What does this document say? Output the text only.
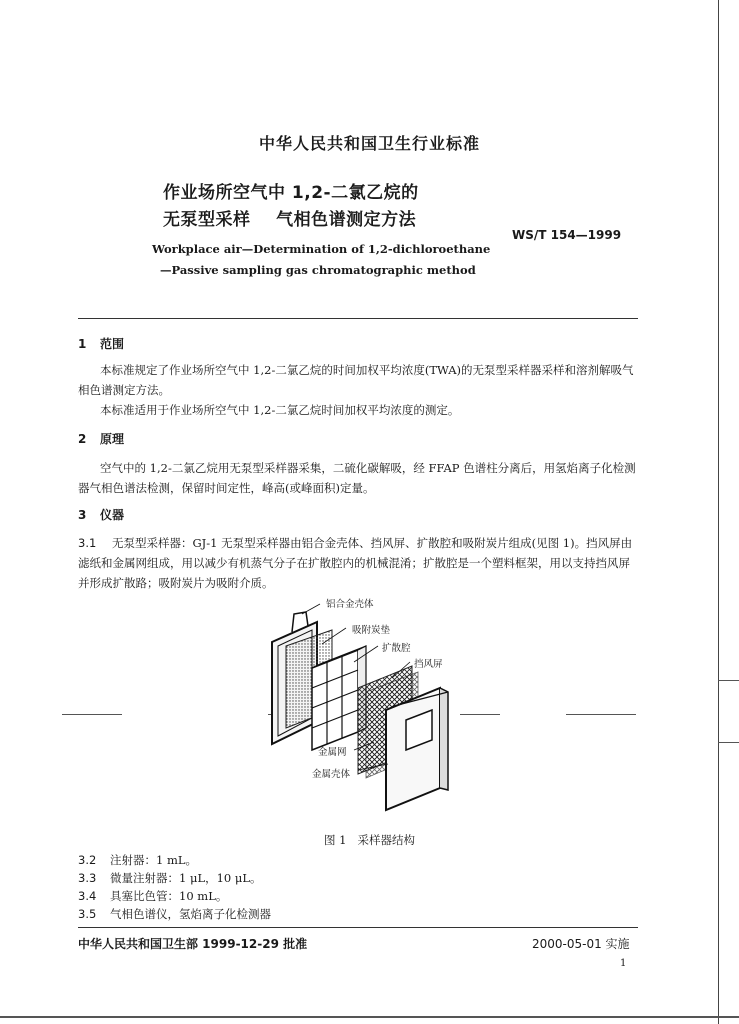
中华人民共和国卫生行业标准
作业场所空气中 1,2-二氯乙烷的
无泵型采样    气相色谱测定方法
WS/T 154—1999
Workplace air—Determination of 1,2-dichloroethane
—Passive sampling gas chromatographic method
1 范围
本标准规定了作业场所空气中 1,2-二氯乙烷的时间加权平均浓度(TWA)的无泵型采样器采样和溶剂解吸气相色谱测定方法。
本标准适用于作业场所空气中 1,2-二氯乙烷时间加权平均浓度的测定。
2 原理
空气中的 1,2-二氯乙烷用无泵型采样器采集，二硫化碳解吸，经 FFAP 色谱柱分离后，用氢焰离子化检测器气相色谱法检测，保留时间定性，峰高(或峰面积)定量。
3 仪器
3.1 无泵型采样器：GJ-1 无泵型采样器由铝合金壳体、挡风屏、扩散腔和吸附炭片组成(见图 1)。挡风屏由滤纸和金属网组成，用以减少有机蒸气分子在扩散腔内的机械混淆；扩散腔是一个塑料框架，用以支持挡风屏并形成扩散路；吸附炭片为吸附介质。
铝合金壳体
吸附炭垫
扩散腔
挡风屏
金属网
金属壳体
图 1   采样器结构
3.2 注射器：1 mL。
3.3 微量注射器：1 μL，10 μL。
3.4 具塞比色管：10 mL。
3.5 气相色谱仪，氢焰离子化检测器
中华人民共和国卫生部 1999-12-29 批准	2000-05-01 实施
1
